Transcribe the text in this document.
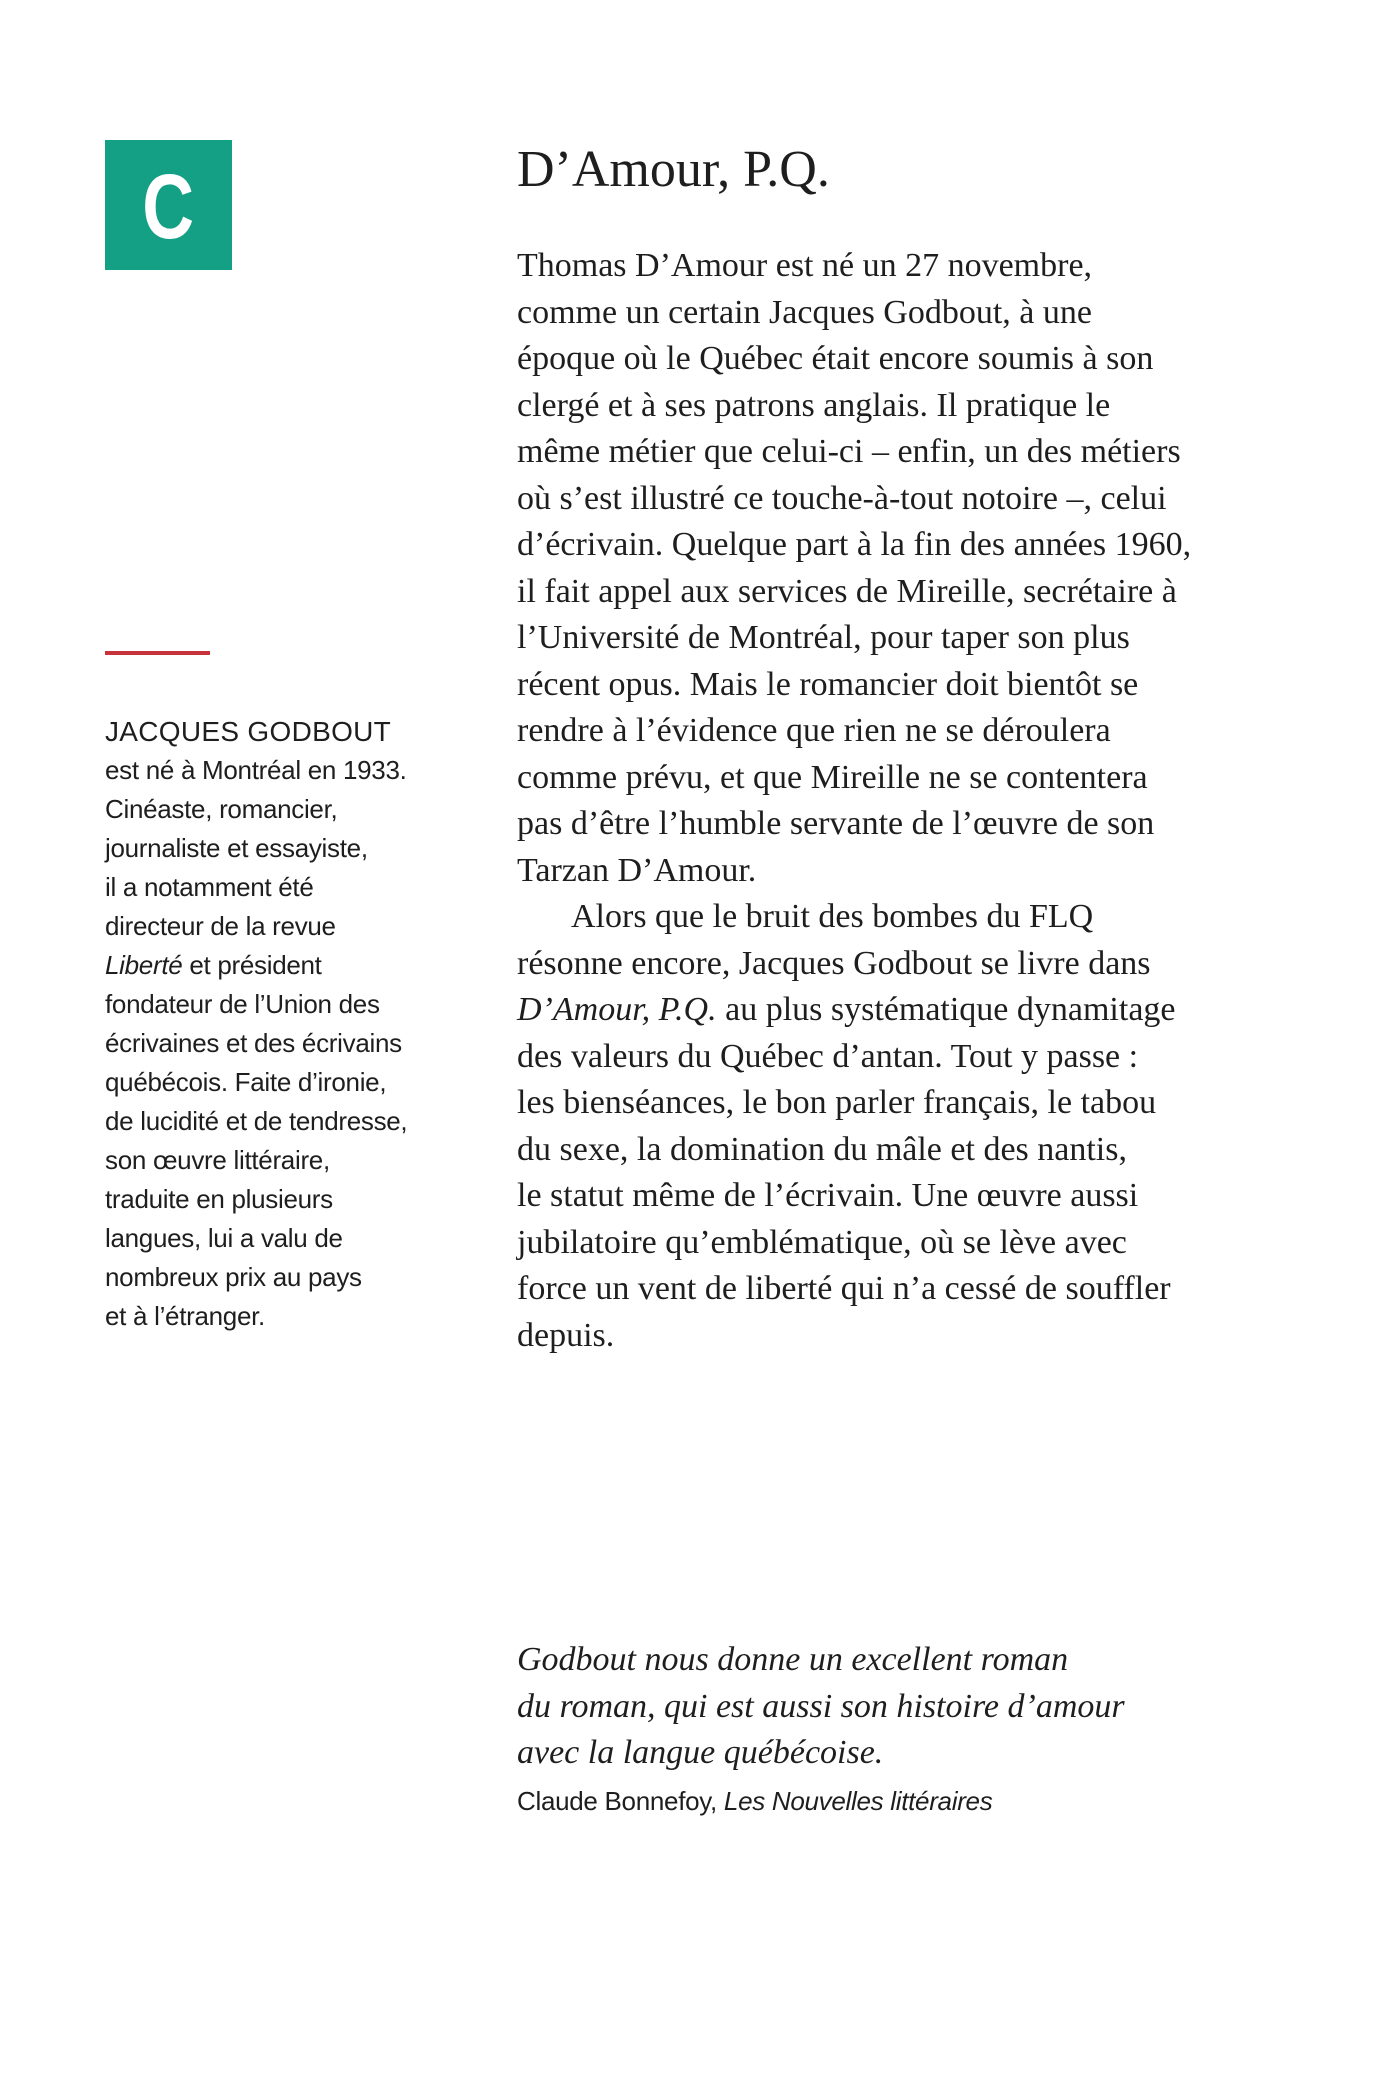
C
JACQUES GODBOUT
est né à Montréal en 1933.
Cinéaste, romancier,
journaliste et essayiste,
il a notamment été
directeur de la revue
Liberté et président
fondateur de l’Union des
écrivaines et des écrivains
québécois. Faite d’ironie,
de lucidité et de tendresse,
son œuvre littéraire,
traduite en plusieurs
langues, lui a valu de
nombreux prix au pays
et à l’étranger.
D’Amour, P.Q.
Thomas D’Amour est né un 27 novembre,
comme un certain Jacques Godbout, à une
époque où le Québec était encore soumis à son
clergé et à ses patrons anglais. Il pratique le
même métier que celui-ci – enfin, un des métiers
où s’est illustré ce touche-à-tout notoire –, celui
d’écrivain. Quelque part à la fin des années 1960,
il fait appel aux services de Mireille, secrétaire à
l’Université de Montréal, pour taper son plus
récent opus. Mais le romancier doit bientôt se
rendre à l’évidence que rien ne se déroulera
comme prévu, et que Mireille ne se contentera
pas d’être l’humble servante de l’œuvre de son
Tarzan D’Amour.
Alors que le bruit des bombes du FLQ
résonne encore, Jacques Godbout se livre dans
D’Amour, P.Q. au plus systématique dynamitage
des valeurs du Québec d’antan. Tout y passe :
les bienséances, le bon parler français, le tabou
du sexe, la domination du mâle et des nantis,
le statut même de l’écrivain. Une œuvre aussi
jubilatoire qu’emblématique, où se lève avec
force un vent de liberté qui n’a cessé de souffler
depuis.
Godbout nous donne un excellent roman
du roman, qui est aussi son histoire d’amour
avec la langue québécoise.
Claude Bonnefoy, Les Nouvelles littéraires
